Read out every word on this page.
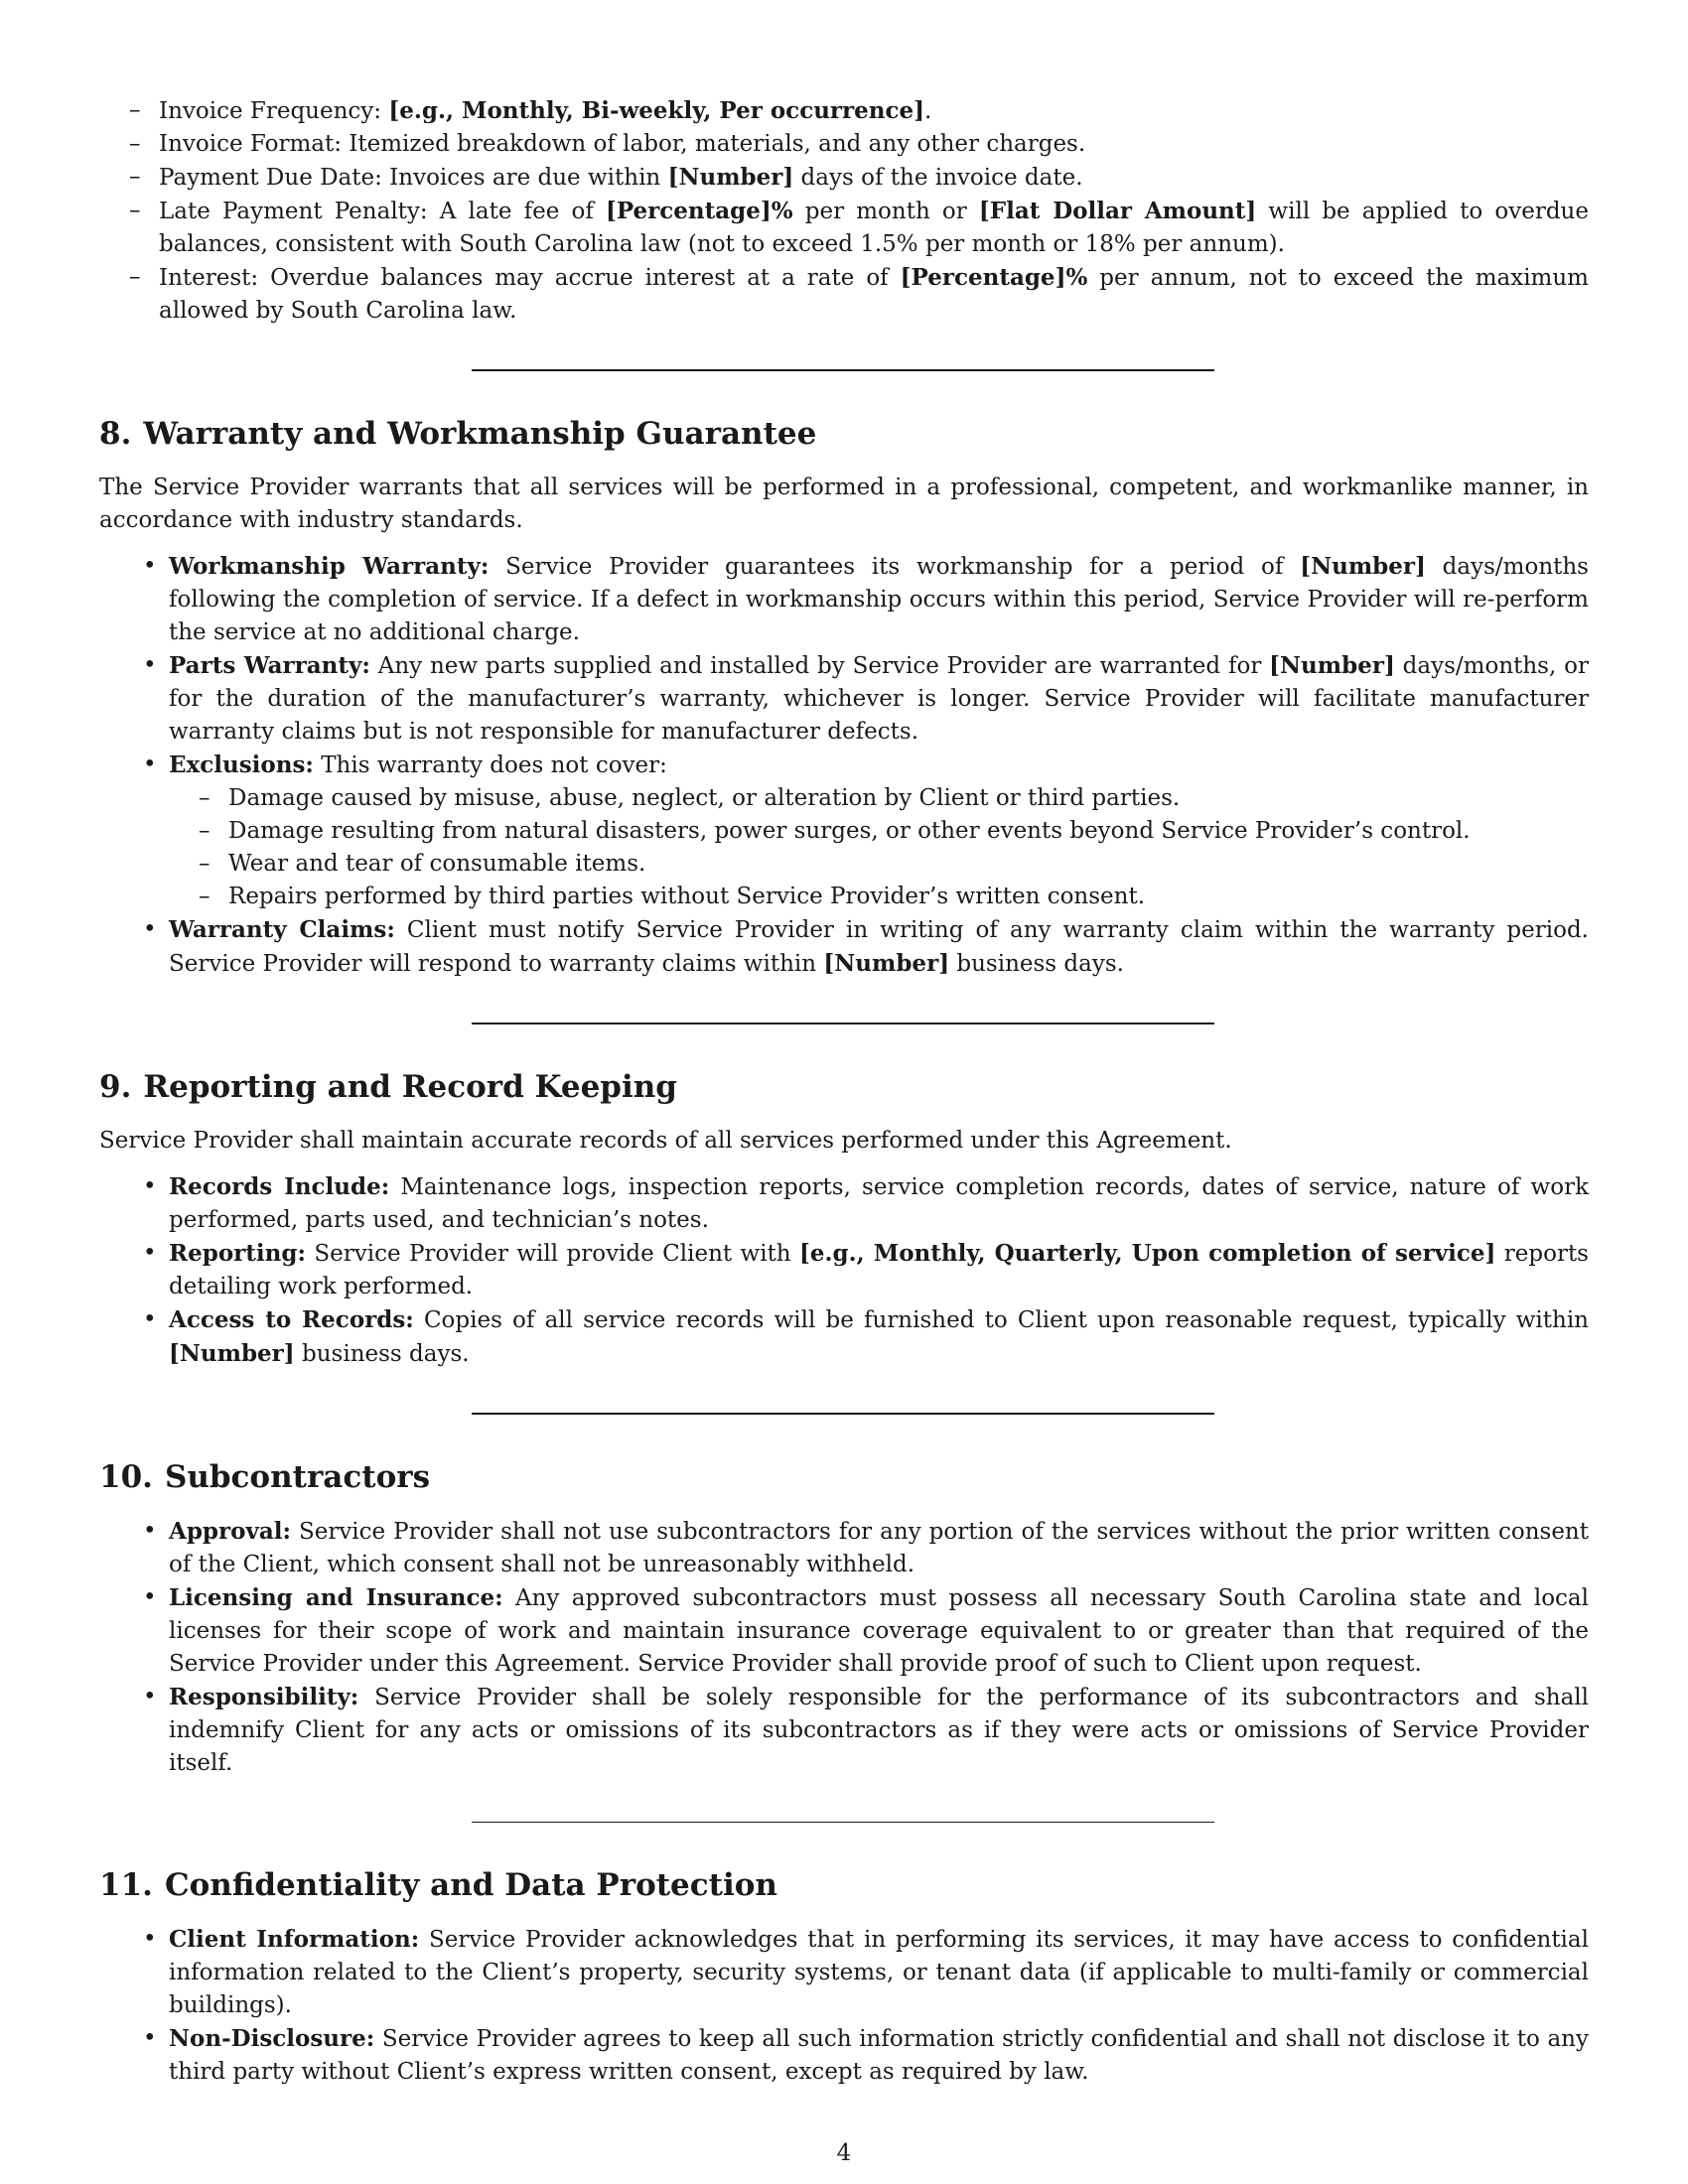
– Invoice Frequency: [e.g., Monthly, Bi-weekly, Per occurrence].
– Invoice Format: Itemized breakdown of labor, materials, and any other charges.
– Payment Due Date: Invoices are due within [Number] days of the invoice date.
– Late Payment Penalty: A late fee of [Percentage]% per month or [Flat Dollar Amount] will be applied to overdue balances, consistent with South Carolina law (not to exceed 1.5% per month or 18% per annum).
– Interest: Overdue balances may accrue interest at a rate of [Percentage]% per annum, not to exceed the maximum allowed by South Carolina law.
8. Warranty and Workmanship Guarantee

The Service Provider warrants that all services will be performed in a professional, competent, and workmanlike manner, in accordance with industry standards.

• Workmanship Warranty: Service Provider guarantees its workmanship for a period of [Number] days/months following the completion of service. If a defect in workmanship occurs within this period, Service Provider will re-perform the service at no additional charge.
• Parts Warranty: Any new parts supplied and installed by Service Provider are warranted for [Number] days/months, or for the duration of the manufacturer’s warranty, whichever is longer. Service Provider will facilitate manufacturer warranty claims but is not responsible for manufacturer defects.
• Exclusions: This warranty does not cover:
– Damage caused by misuse, abuse, neglect, or alteration by Client or third parties.
– Damage resulting from natural disasters, power surges, or other events beyond Service Provider’s control.
– Wear and tear of consumable items.
– Repairs performed by third parties without Service Provider’s written consent.
• Warranty Claims: Client must notify Service Provider in writing of any warranty claim within the warranty period. Service Provider will respond to warranty claims within [Number] business days.
9. Reporting and Record Keeping

Service Provider shall maintain accurate records of all services performed under this Agreement.

• Records Include: Maintenance logs, inspection reports, service completion records, dates of service, nature of work performed, parts used, and technician’s notes.
• Reporting: Service Provider will provide Client with [e.g., Monthly, Quarterly, Upon completion of service] reports detailing work performed.
• Access to Records: Copies of all service records will be furnished to Client upon reasonable request, typically within [Number] business days.
10. Subcontractors
• Approval: Service Provider shall not use subcontractors for any portion of the services without the prior written consent of the Client, which consent shall not be unreasonably withheld.
• Licensing and Insurance: Any approved subcontractors must possess all necessary South Carolina state and local licenses for their scope of work and maintain insurance coverage equivalent to or greater than that required of the Service Provider under this Agreement. Service Provider shall provide proof of such to Client upon request.
• Responsibility: Service Provider shall be solely responsible for the performance of its subcontractors and shall indemnify Client for any acts or omissions of its subcontractors as if they were acts or omissions of Service Provider itself.
11. Confidentiality and Data Protection
• Client Information: Service Provider acknowledges that in performing its services, it may have access to confidential information related to the Client’s property, security systems, or tenant data (if applicable to multi-family or commercial buildings).
• Non-Disclosure: Service Provider agrees to keep all such information strictly confidential and shall not disclose it to any third party without Client’s express written consent, except as required by law.
4
